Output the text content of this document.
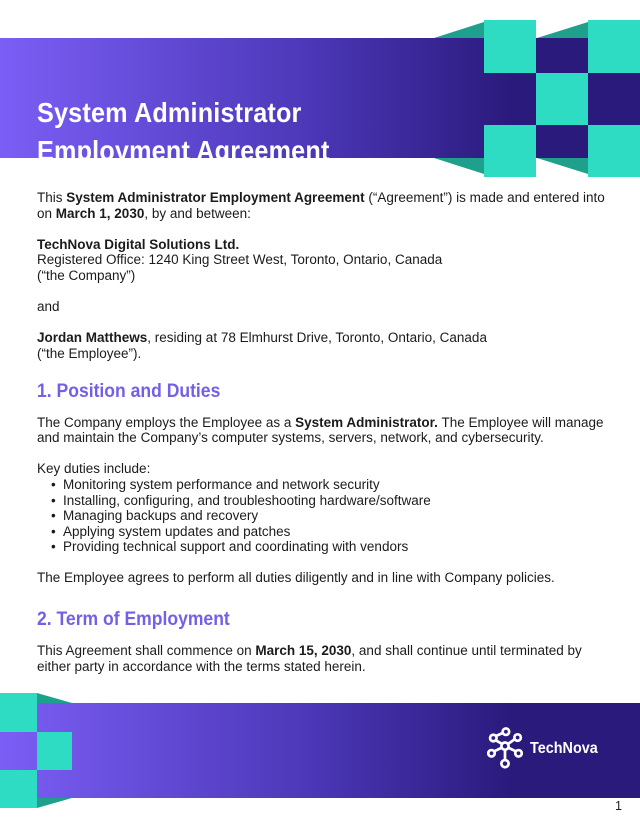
System Administrator
Employment Agreement

This System Administrator Employment Agreement (“Agreement”) is made and entered into on March 1, 2030, by and between:

TechNova Digital Solutions Ltd.
Registered Office: 1240 King Street West, Toronto, Ontario, Canada
(“the Company”)

and

Jordan Matthews, residing at 78 Elmhurst Drive, Toronto, Ontario, Canada
(“the Employee”).
1. Position and Duties

The Company employs the Employee as a System Administrator. The Employee will manage and maintain the Company’s computer systems, servers, network, and cybersecurity.

Key duties include:

• Monitoring system performance and network security
• Installing, configuring, and troubleshooting hardware/software
• Managing backups and recovery
• Applying system updates and patches
• Providing technical support and coordinating with vendors

The Employee agrees to perform all duties diligently and in line with Company policies.

2. Term of Employment

This Agreement shall commence on March 15, 2030, and shall continue until terminated by either party in accordance with the terms stated herein.

TechNova
1
